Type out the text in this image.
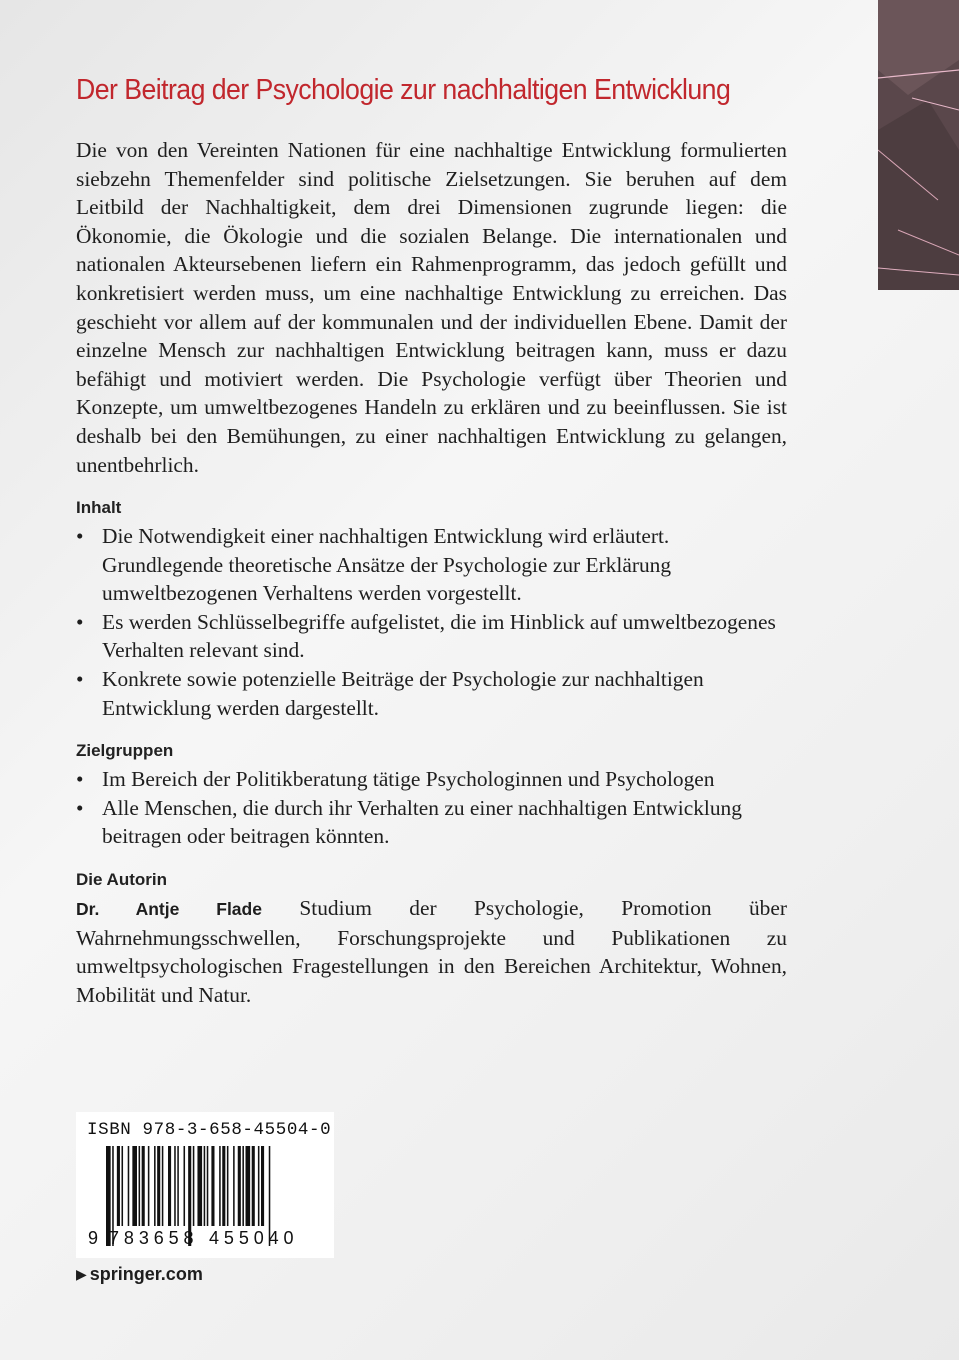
Der Beitrag der Psychologie zur nachhaltigen Entwicklung

Die von den Vereinten Nationen für eine nachhaltige Entwicklung formulierten siebzehn Themenfelder sind politische Zielsetzungen. Sie beruhen auf dem Leitbild der Nachhaltigkeit, dem drei Dimensionen zugrunde liegen: die Ökonomie, die Ökologie und die sozialen Belange. Die internationalen und nationalen Akteursebenen liefern ein Rahmenprogramm, das jedoch gefüllt und konkretisiert werden muss, um eine nachhaltige Entwicklung zu erreichen. Das geschieht vor allem auf der kommunalen und der individuellen Ebene. Damit der einzelne Mensch zur nachhaltigen Entwicklung beitragen kann, muss er dazu befähigt und motiviert werden. Die Psychologie verfügt über Theorien und Konzepte, um umweltbezogenes Handeln zu erklären und zu beeinflussen. Sie ist deshalb bei den Bemühungen, zu einer nachhaltigen Entwicklung zu gelangen, unentbehrlich.

Inhalt
• Die Notwendigkeit einer nachhaltigen Entwicklung wird erläutert. Grundlegende theoretische Ansätze der Psychologie zur Erklärung umweltbezogenen Verhaltens werden vorgestellt.
• Es werden Schlüsselbegriffe aufgelistet, die im Hinblick auf umweltbezogenes Verhalten relevant sind.
• Konkrete sowie potenzielle Beiträge der Psychologie zur nachhaltigen Entwicklung werden dargestellt.
Zielgruppen
• Im Bereich der Politikberatung tätige Psychologinnen und Psychologen
• Alle Menschen, die durch ihr Verhalten zu einer nachhaltigen Entwicklung beitragen oder beitragen könnten.
Die Autorin

Dr. Antje Flade Studium der Psychologie, Promotion über Wahrnehmungsschwellen, Forschungsprojekte und Publikationen zu umweltpsychologischen Fragestellungen in den Bereichen Architektur, Wohnen, Mobilität und Natur.

ISBN 978-3-658-45504-0
9 783658 455040
▶ springer.com
